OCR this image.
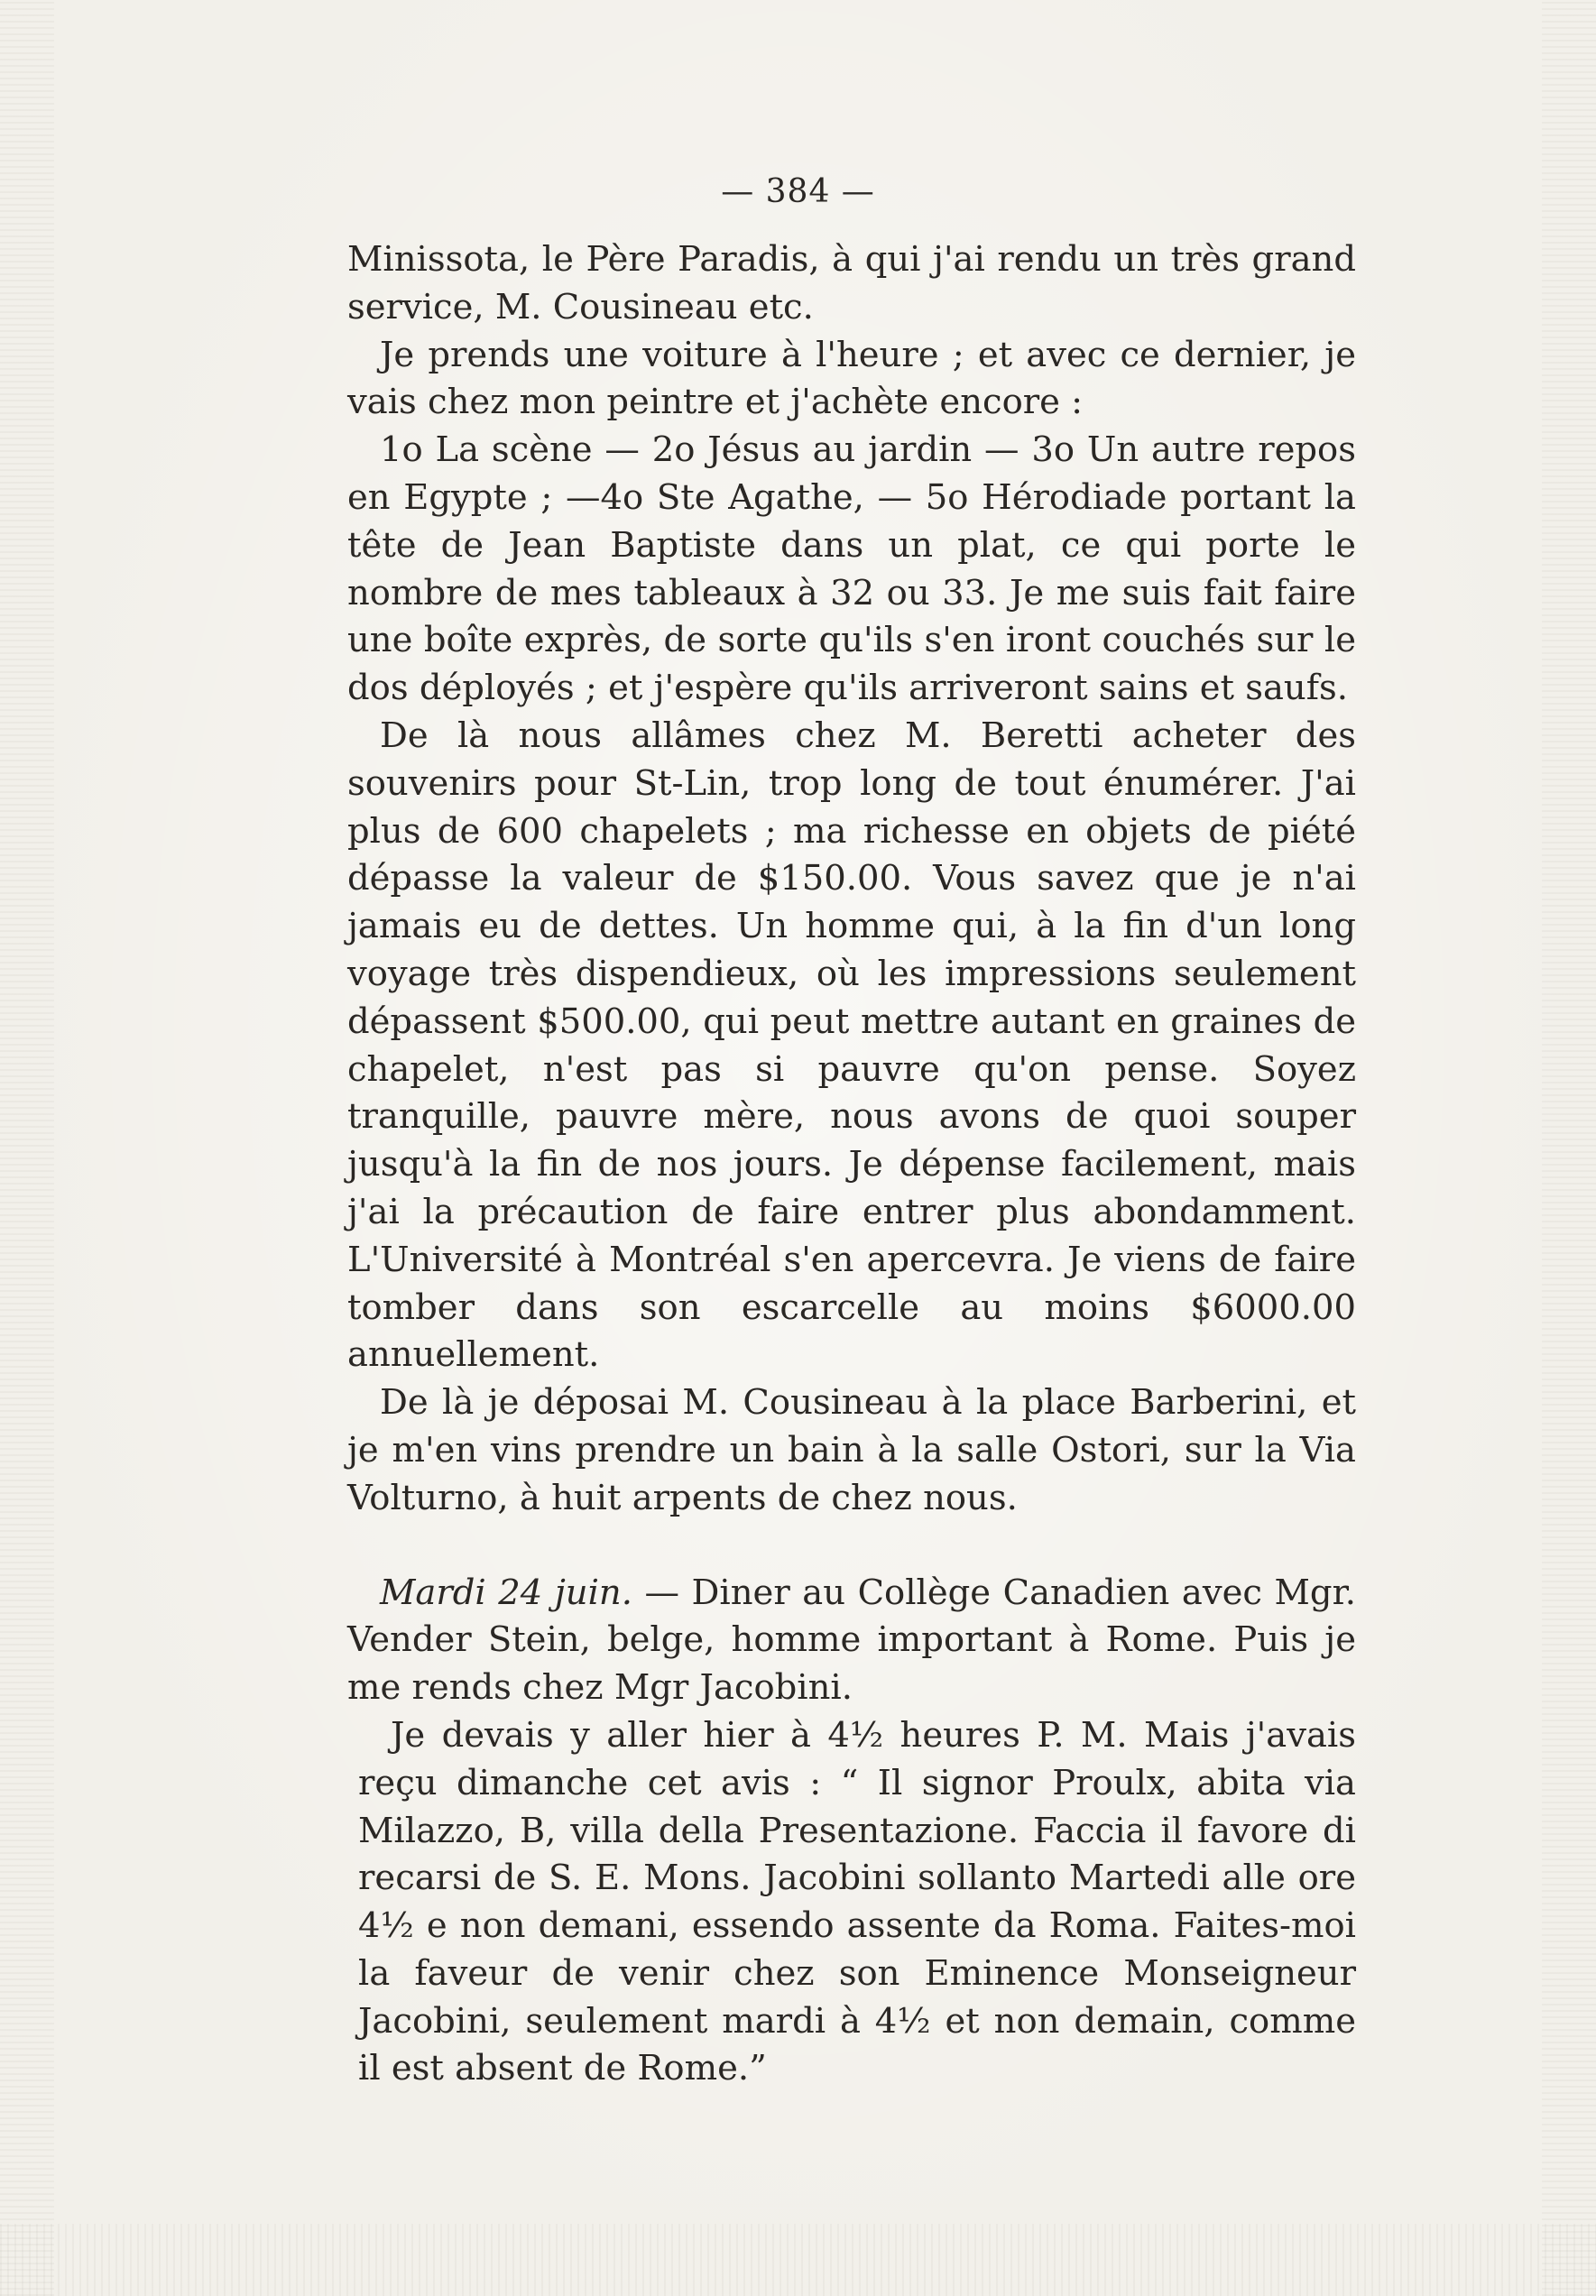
— 384 —

Minissota, le Père Paradis, à qui j'ai rendu un très grand service, M. Cousineau etc.

Je prends une voiture à l'heure ; et avec ce dernier, je vais chez mon peintre et j'achète encore :

1o La scène — 2o Jésus au jardin — 3o Un autre repos en Egypte ; —4o Ste Agathe, — 5o Hérodiade portant la tête de Jean Baptiste dans un plat, ce qui porte le nombre de mes tableaux à 32 ou 33. Je me suis fait faire une boîte exprès, de sorte qu'ils s'en iront couchés sur le dos déployés ; et j'espère qu'ils arriveront sains et saufs.

De là nous allâmes chez M. Beretti acheter des souvenirs pour St-Lin, trop long de tout énumérer. J'ai plus de 600 chapelets ; ma richesse en objets de piété dépasse la valeur de $150.00. Vous savez que je n'ai jamais eu de dettes. Un homme qui, à la fin d'un long voyage très dispendieux, où les impressions seulement dépassent $500.00, qui peut mettre autant en graines de chapelet, n'est pas si pauvre qu'on pense. Soyez tranquille, pauvre mère, nous avons de quoi souper jusqu'à la fin de nos jours. Je dépense facilement, mais j'ai la précaution de faire entrer plus abondamment. L'Université à Montréal s'en apercevra. Je viens de faire tomber dans son escarcelle au moins $6000.00 annuellement.

De là je déposai M. Cousineau à la place Barberini, et je m'en vins prendre un bain à la salle Ostori, sur la Via Volturno, à huit arpents de chez nous.

Mardi 24 juin. — Diner au Collège Canadien avec Mgr. Vender Stein, belge, homme important à Rome. Puis je me rends chez Mgr Jacobini.

Je devais y aller hier à 4½ heures P. M. Mais j'avais reçu dimanche cet avis : “ Il signor Proulx, abita via Milazzo, B, villa della Presentazione. Faccia il favore di recarsi de S. E. Mons. Jacobini sollanto Martedi alle ore 4½ e non demani, essendo assente da Roma. Faites-moi la faveur de venir chez son Eminence Monseigneur Jacobini, seulement mardi à 4½ et non demain, comme il est absent de Rome.”
